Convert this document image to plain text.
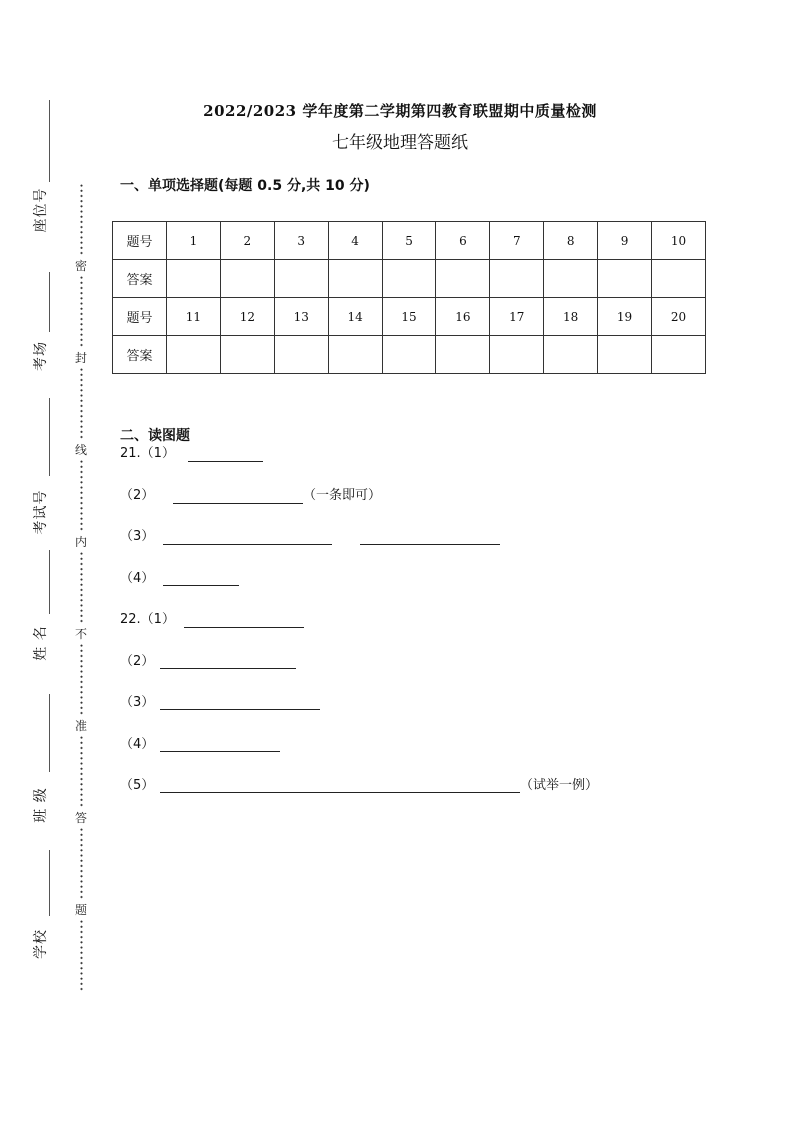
座位号
考场
考试号
姓 名
班 级
学校
密
封
线
内
不
准
答
题
2022/2023 学年度第二学期第四教育联盟期中质量检测
七年级地理答题纸
一、单项选择题(每题 0.5 分,共 10 分)
题号	1	2	3	4	5	6	7	8	9	10
答案										
题号	11	12	13	14	15	16	17	18	19	20
答案										
二、读图题
21.（1）
（2）	（一条即可）
（3）
（4）
22.（1）
（2）
（3）
（4）
（5）	（试举一例）
